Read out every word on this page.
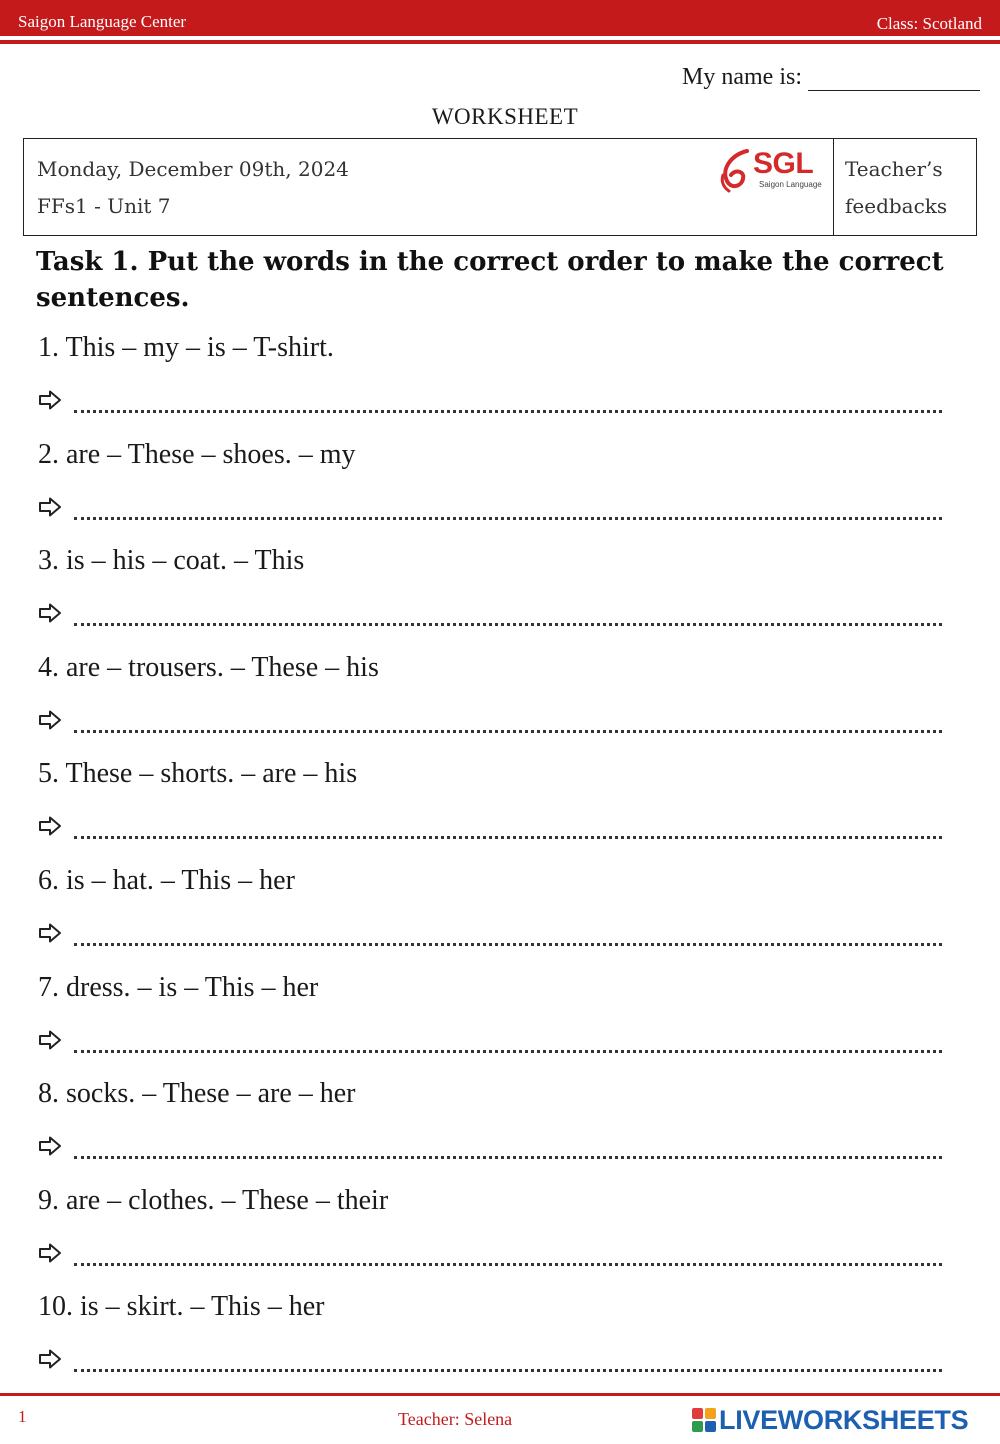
Saigon Language Center	Class: Scotland
My name is:
WORKSHEET
Monday, December 09th, 2024
FFs1 - Unit 7
SGL
Saigon Language
Teacher’s
feedbacks
Task 1. Put the words in the correct order to make the correct sentences.
1. This – my – is – T-shirt.
2. are – These – shoes. – my
3. is – his – coat. – This
4. are – trousers. – These – his
5. These – shorts. – are – his
6. is – hat. – This – her
7. dress. – is – This – her
8. socks. – These – are – her
9. are – clothes. – These – their
10. is – skirt. – This – her
1	Teacher: Selena	LIVEWORKSHEETS
